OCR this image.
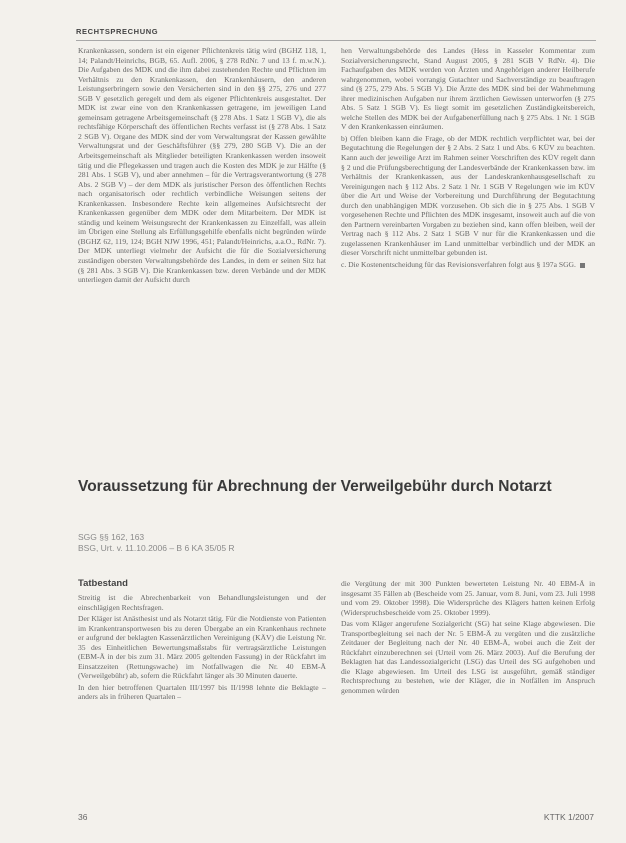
RECHTSPRECHUNG

Krankenkassen, sondern ist ein eigener Pflichtenkreis tätig wird (BGHZ 118, 1, 14; Palandt/Heinrichs, BGB, 65. Aufl. 2006, § 278 RdNr. 7 und 13 f. m.w.N.). Die Aufgaben des MDK und die ihm dabei zustehenden Rechte und Pflichten im Verhältnis zu den Krankenkassen, den Krankenhäusern, den anderen Leistungserbringern sowie den Versicherten sind in den §§ 275, 276 und 277 SGB V gesetzlich geregelt und dem als eigener Pflichtenkreis ausgestaltet. Der MDK ist zwar eine von den Krankenkassen getragene, im jeweiligen Land gemeinsam getragene Arbeitsgemeinschaft (§ 278 Abs. 1 Satz 1 SGB V), die als rechtsfähige Körperschaft des öffentlichen Rechts verfasst ist (§ 278 Abs. 1 Satz 2 SGB V). Organe des MDK sind der vom Verwaltungsrat der Kassen gewählte Verwaltungsrat und der Geschäftsführer (§§ 279, 280 SGB V). Die an der Arbeitsgemeinschaft als Mitglieder beteiligten Krankenkassen werden insoweit tätig und die Pflegekassen und tragen auch die Kosten des MDK je zur Hälfte (§ 281 Abs. 1 SGB V), und aber annehmen – für die Vertragsverantwortung (§ 278 Abs. 2 SGB V) – der dem MDK als juristischer Person des öffentlichen Rechts nach organisatorisch oder rechtlich verbindliche Weisungen seitens der Krankenkassen. Insbesondere Rechte kein allgemeines Aufsichtsrecht der Krankenkassen gegenüber dem MDK oder dem Mitarbeitern. Der MDK ist ständig und keinem Weisungsrecht der Krankenkassen zu Einzelfall, was allein im Übrigen eine Stellung als Erfüllungsgehilfe ebenfalls nicht begründen würde (BGHZ 62, 119, 124; BGH NJW 1996, 451; Palandt/Heinrichs, a.a.O., RdNr. 7). Der MDK unterliegt vielmehr der Aufsicht die für die Sozialversicherung zuständigen obersten Verwaltungsbehörde des Landes, in dem er seinen Sitz hat (§ 281 Abs. 3 SGB V). Die Krankenkassen bzw. deren Verbände und der MDK unterliegen damit der Aufsicht durch

hen Verwaltungsbehörde des Landes (Hess in Kasseler Kommentar zum Sozialversicherungsrecht, Stand August 2005, § 281 SGB V RdNr. 4). Die Fachaufgaben des MDK werden von Ärzten und Angehörigen anderer Heilberufe wahrgenommen, wobei vorrangig Gutachter und Sachverständige zu beauftragen sind (§ 275, 279 Abs. 5 SGB V). Die Ärzte des MDK sind bei der Wahrnehmung ihrer medizinischen Aufgaben nur ihrem ärztlichen Gewissen unterworfen (§ 275 Abs. 5 Satz 1 SGB V). Es liegt somit im gesetzlichen Zuständigkeitsbereich, welche Stellen des MDK bei der Aufgabenerfüllung nach § 275 Abs. 1 Nr. 1 SGB V den Krankenkassen einräumen.

b) Offen bleiben kann die Frage, ob der MDK rechtlich verpflichtet war, bei der Begutachtung die Regelungen der § 2 Abs. 2 Satz 1 und Abs. 6 KÜV zu beachten. Kann auch der jeweilige Arzt im Rahmen seiner Vorschriften des KÜV regelt dann § 2 und die Prüfungsberechtigung der Landesverbände der Krankenkassen bzw. im Verhältnis der Krankenkassen, aus der Landeskrankenhausgesellschaft zu Vereinigungen nach § 112 Abs. 2 Satz 1 Nr. 1 SGB V Regelungen wie im KÜV über die Art und Weise der Vorbereitung und Durchführung der Begutachtung durch den unabhängigen MDK vorzusehen. Ob sich die in § 275 Abs. 1 SGB V vorgesehenen Rechte und Pflichten des MDK insgesamt, insoweit auch auf die von den Partnern vereinbarten Vorgaben zu beziehen sind, kann offen bleiben, weil der Vertrag nach § 112 Abs. 2 Satz 1 SGB V nur für die Krankenkassen und die zugelassenen Krankenhäuser im Land unmittelbar verbindlich und der MDK an dieser Vorschrift nicht unmittelbar gebunden ist.

c. Die Kostenentscheidung für das Revisionsverfahren folgt aus § 197a SGG.

Voraussetzung für Abrechnung der Verweilgebühr durch Notarzt
SGG §§ 162, 163
BSG, Urt. v. 11.10.2006 – B 6 KA 35/05 R
Tatbestand

Streitig ist die Abrechenbarkeit von Behandlungsleistungen und der einschlägigen Rechtsfragen.

Der Kläger ist Anästhesist und als Notarzt tätig. Für die Notdienste von Patienten im Krankentransportwesen bis zu deren Übergabe an ein Krankenhaus rechnete er aufgrund der beklagten Kassenärztlichen Vereinigung (KÄV) die Leistung Nr. 35 des Einheitlichen Bewertungsmaßstabs für vertragsärztliche Leistungen (EBM-Ä in der bis zum 31. März 2005 geltenden Fassung) in der Rückfahrt im Einsatzzeiten (Rettungswache) im Notfallwagen die Nr. 40 EBM-Ä (Verweilgebühr) ab, sofern die Rückfahrt länger als 30 Minuten dauerte.

In den hier betroffenen Quartalen III/1997 bis II/1998 lehnte die Beklagte – anders als in früheren Quartalen –

die Vergütung der mit 300 Punkten bewerteten Leistung Nr. 40 EBM-Ä in insgesamt 35 Fällen ab (Bescheide vom 25. Januar, vom 8. Juni, vom 23. Juli 1998 und vom 29. Oktober 1998). Die Widersprüche des Klägers hatten keinen Erfolg (Widerspruchsbescheide vom 25. Oktober 1999).

Das vom Kläger angerufene Sozialgericht (SG) hat seine Klage abgewiesen. Die Transportbegleitung sei nach der Nr. 5 EBM-Ä zu vergüten und die zusätzliche Zeitdauer der Begleitung nach der Nr. 40 EBM-Ä, wobei auch die Zeit der Rückfahrt einzuberechnen sei (Urteil vom 26. März 2003). Auf die Berufung der Beklagten hat das Landessozialgericht (LSG) das Urteil des SG aufgehoben und die Klage abgewiesen. Im Urteil des LSG ist ausgeführt, gemäß ständiger Rechtsprechung zu bestehen, wie der Kläger, die in Notfällen im Anspruch genommen würden

36	KTTK 1/2007
